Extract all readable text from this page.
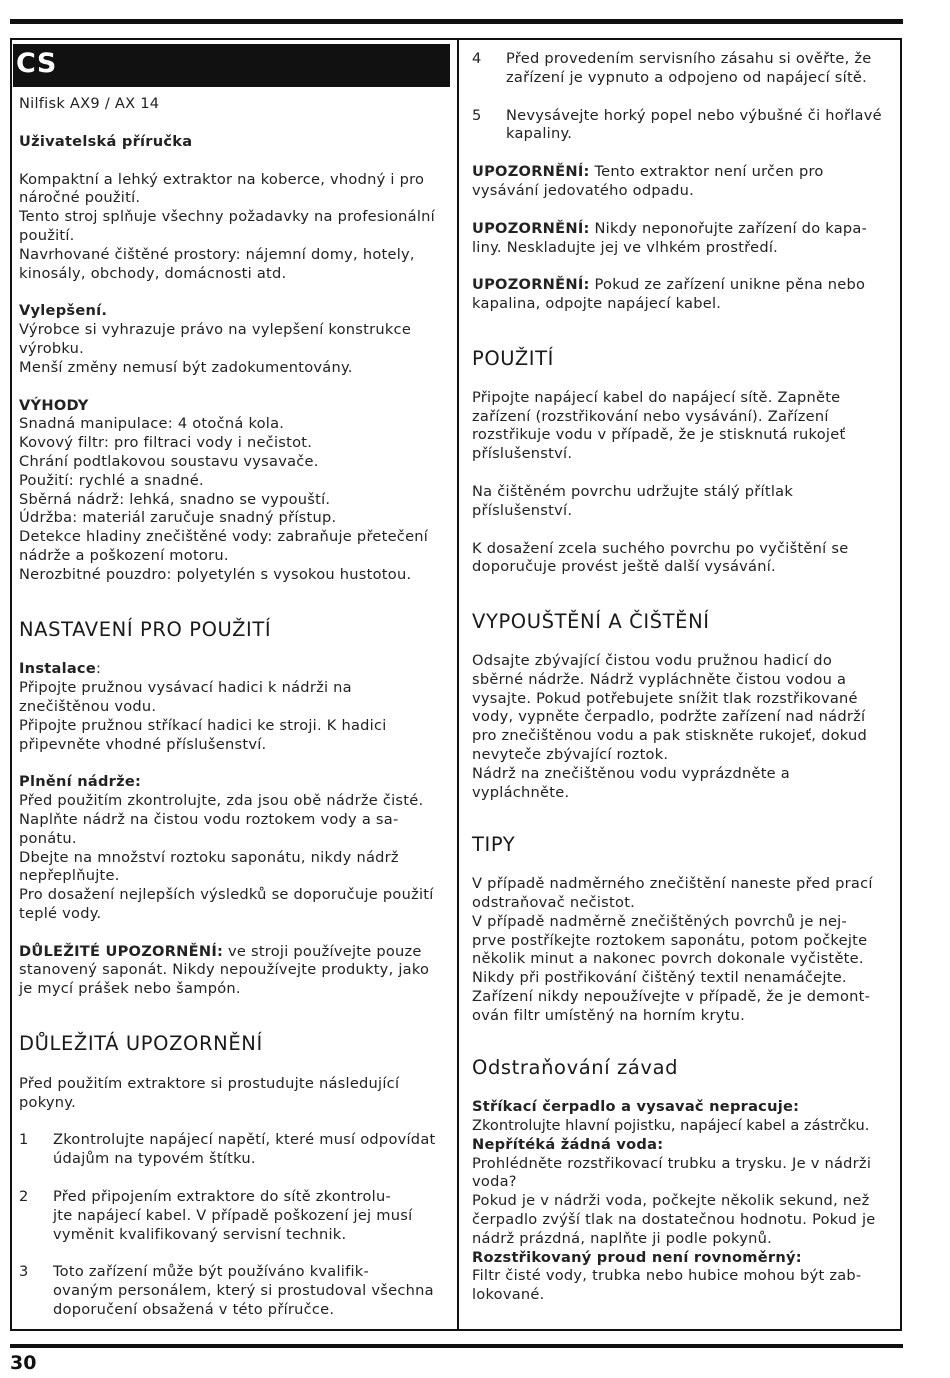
CS

Nilfisk AX9 / AX 14

Uživatelská příručka

Kompaktní a lehký extraktor na koberce, vhodný i pro
náročné použití.
Tento stroj splňuje všechny požadavky na profesionální
použití.
Navrhované čištěné prostory: nájemní domy, hotely,
kinosály, obchody, domácnosti atd.
Vylepšení.
Výrobce si vyhrazuje právo na vylepšení konstrukce
výrobku.
Menší změny nemusí být zadokumentovány.
VÝHODY
Snadná manipulace: 4 otočná kola.
Kovový filtr: pro filtraci vody i nečistot.
Chrání podtlakovou soustavu vysavače.
Použití: rychlé a snadné.
Sběrná nádrž: lehká, snadno se vypouští.
Údržba: materiál zaručuje snadný přístup.
Detekce hladiny znečištěné vody: zabraňuje přetečení
nádrže a poškození motoru.
Nerozbitné pouzdro: polyetylén s vysokou hustotou.
NASTAVENÍ PRO POUŽITÍ
Instalace:
Připojte pružnou vysávací hadici k nádrži na
znečištěnou vodu.
Připojte pružnou stříkací hadici ke stroji. K hadici
připevněte vhodné příslušenství.
Plnění nádrže:
Před použitím zkontrolujte, zda jsou obě nádrže čisté.
Naplňte nádrž na čistou vodu roztokem vody a sa-
ponátu.
Dbejte na množství roztoku saponátu, nikdy nádrž
nepřeplňujte.
Pro dosažení nejlepších výsledků se doporučuje použití
teplé vody.
DŮLEŽITÉ UPOZORNĚNÍ: ve stroji používejte pouze
stanovený saponát. Nikdy nepoužívejte produkty, jako
je mycí prášek nebo šampón.
DŮLEŽITÁ UPOZORNĚNÍ
Před použitím extraktore si prostudujte následující
pokyny.
1	Zkontrolujte napájecí napětí, které musí odpovídat
údajům na typovém štítku.
2	Před připojením extraktore do sítě zkontrolu-
jte napájecí kabel. V případě poškození jej musí
vyměnit kvalifikovaný servisní technik.
3	Toto zařízení může být používáno kvalifik-
ovaným personálem, který si prostudoval všechna
doporučení obsažená v této příručce.
4	Před provedením servisního zásahu si ověřte, že
zařízení je vypnuto a odpojeno od napájecí sítě.
5	Nevysávejte horký popel nebo výbušné či hořlavé
kapaliny.
UPOZORNĚNÍ: Tento extraktor není určen pro
vysávání jedovatého odpadu.
UPOZORNĚNÍ: Nikdy neponořujte zařízení do kapa-
liny. Neskladujte jej ve vlhkém prostředí.
UPOZORNĚNÍ: Pokud ze zařízení unikne pěna nebo
kapalina, odpojte napájecí kabel.
POUŽITÍ
Připojte napájecí kabel do napájecí sítě. Zapněte
zařízení (rozstřikování nebo vysávání). Zařízení
rozstřikuje vodu v případě, že je stisknutá rukojeť
příslušenství.
Na čištěném povrchu udržujte stálý přítlak
příslušenství.
K dosažení zcela suchého povrchu po vyčištění se
doporučuje provést ještě další vysávání.
VYPOUŠTĚNÍ A ČIŠTĚNÍ
Odsajte zbývající čistou vodu pružnou hadicí do
sběrné nádrže. Nádrž vypláchněte čistou vodou a
vysajte. Pokud potřebujete snížit tlak rozstřikované
vody, vypněte čerpadlo, podržte zařízení nad nádrží
pro znečištěnou vodu a pak stiskněte rukojeť, dokud
nevyteče zbývající roztok.
Nádrž na znečištěnou vodu vyprázdněte a
vypláchněte.
TIPY
V případě nadměrného znečištění naneste před prací
odstraňovač nečistot.
V případě nadměrně znečištěných povrchů je nej-
prve postříkejte roztokem saponátu, potom počkejte
několik minut a nakonec povrch dokonale vyčistěte.
Nikdy při postřikování čištěný textil nenamáčejte.
Zařízení nikdy nepoužívejte v případě, že je demont-
ován filtr umístěný na horním krytu.
Odstraňování závad
Stříkací čerpadlo a vysavač nepracuje:
Zkontrolujte hlavní pojistku, napájecí kabel a zástrčku.
Nepřítéká žádná voda:
Prohlédněte rozstřikovací trubku a trysku. Je v nádrži
voda?
Pokud je v nádrži voda, počkejte několik sekund, než
čerpadlo zvýší tlak na dostatečnou hodnotu. Pokud je
nádrž prázdná, naplňte ji podle pokynů.
Rozstřikovaný proud není rovnoměrný:
Filtr čisté vody, trubka nebo hubice mohou být zab-
lokované.
30
